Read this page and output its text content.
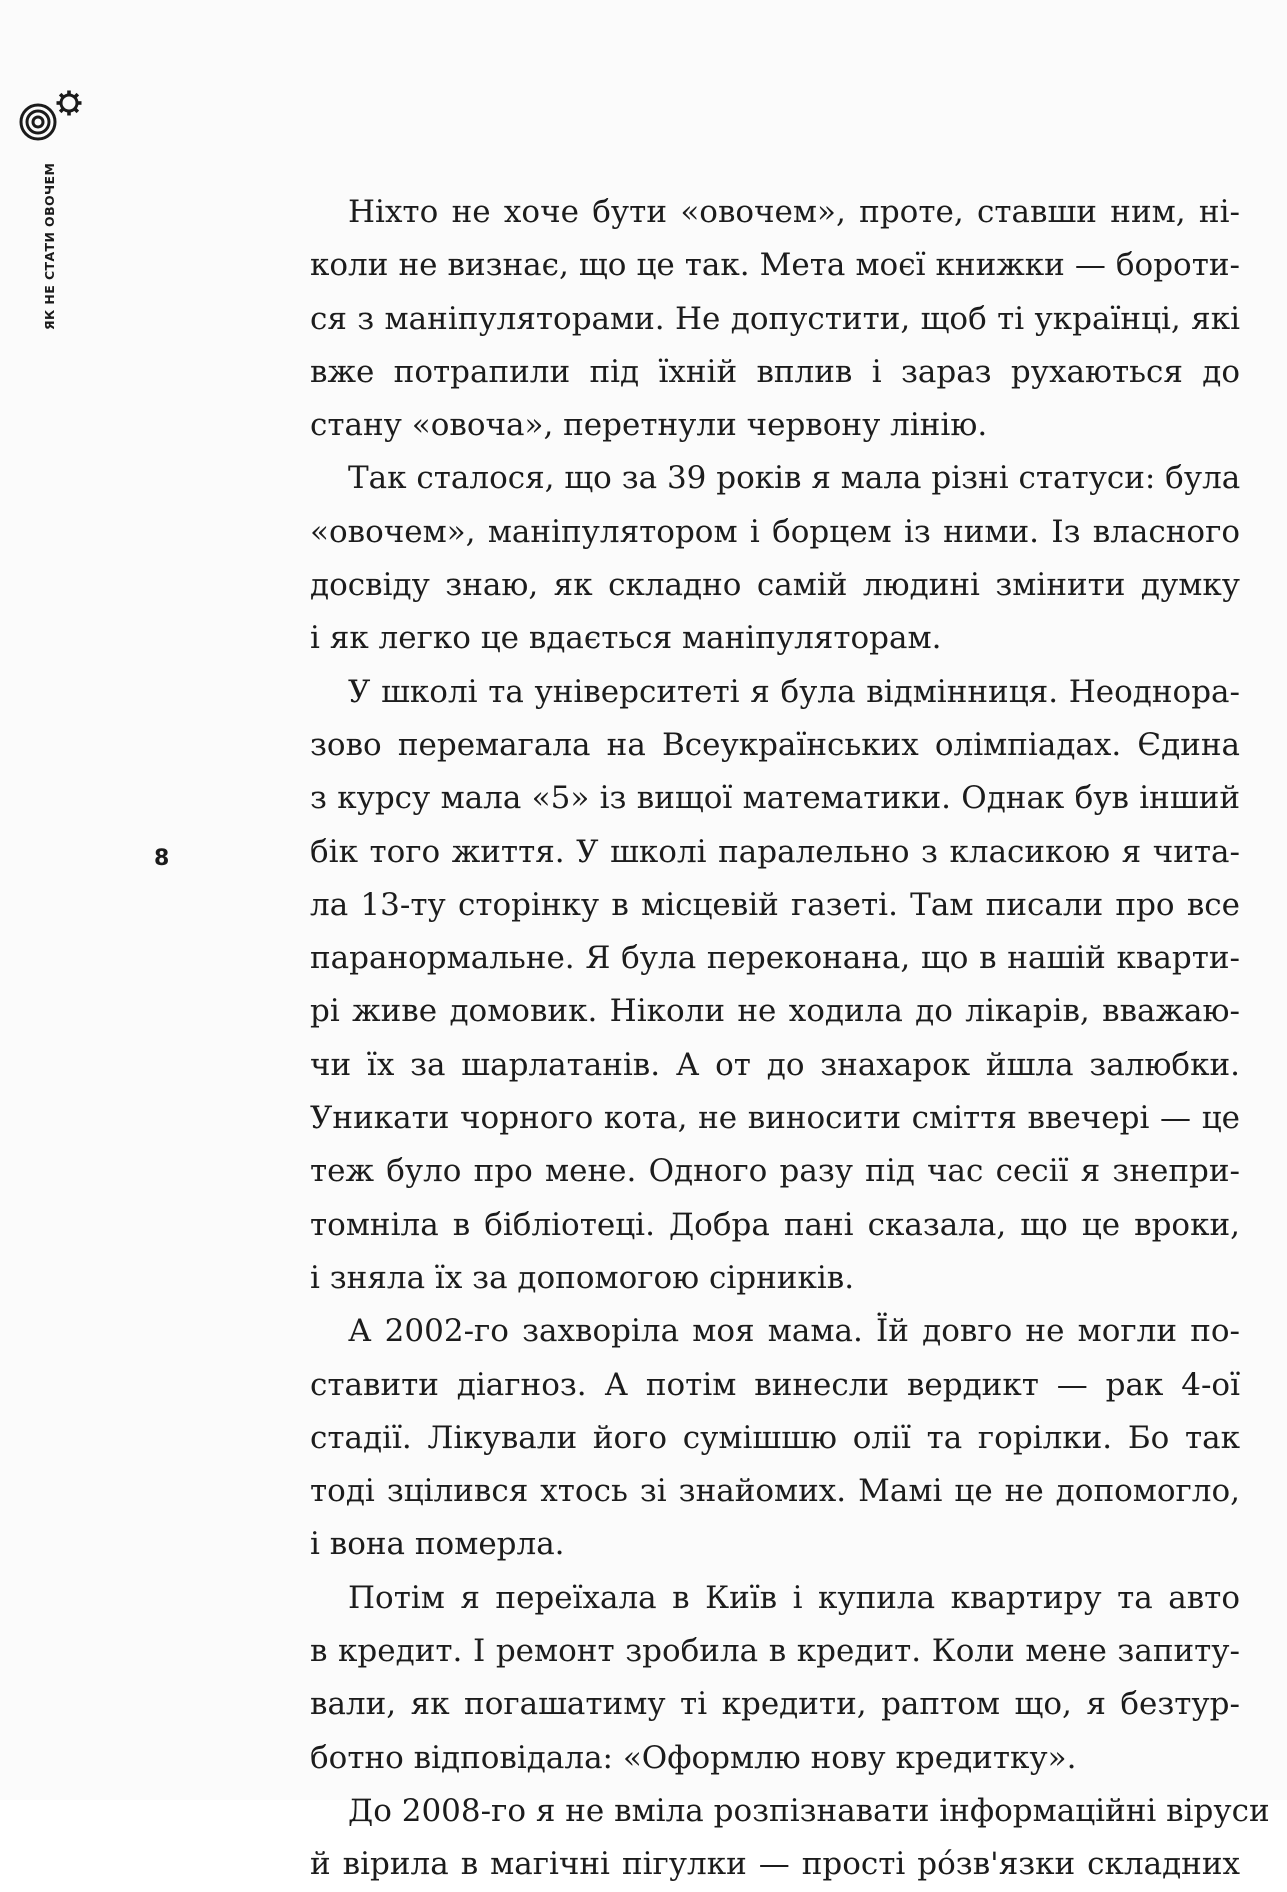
ЯК НЕ СТАТИ ОВОЧЕМ
8

Ніхто не хоче бути «овочем», проте, ставши ним, ні-
коли не визнає, що це так. Мета моєї книжки — бороти-
ся з маніпуляторами. Не допустити, щоб ті українці, які
вже потрапили під їхній вплив і зараз рухаються до
стану «овоча», перетнули червону лінію.

Так сталося, що за 39 років я мала різні статуси: була
«овочем», маніпулятором і борцем із ними. Із власного
досвіду знаю, як складно самій людині змінити думку
і як легко це вдається маніпуляторам.

У школі та університеті я була відмінниця. Неоднора-
зово перемагала на Всеукраїнських олімпіадах. Єдина
з курсу мала «5» із вищої математики. Однак був інший
бік того життя. У школі паралельно з класикою я чита-
ла 13-ту сторінку в місцевій газеті. Там писали про все
паранормальне. Я була переконана, що в нашій кварти-
рі живе домовик. Ніколи не ходила до лікарів, вважаю-
чи їх за шарлатанів. А от до знахарок йшла залюбки.
Уникати чорного кота, не виносити сміття ввечері — це
теж було про мене. Одного разу під час сесії я знепри-
томніла в бібліотеці. Добра пані сказала, що це вроки,
і зняла їх за допомогою сірників.

А 2002-го захворіла моя мама. Їй довго не могли по-
ставити діагноз. А потім винесли вердикт — рак 4-ої
стадії. Лікували його сумішшю олії та горілки. Бо так
тоді зцілився хтось зі знайомих. Мамі це не допомогло,
і вона померла.

Потім я переїхала в Київ і купила квартиру та авто
в кредит. І ремонт зробила в кредит. Коли мене запиту-
вали, як погашатиму ті кредити, раптом що, я безтур-
ботно відповідала: «Оформлю нову кредитку».

До 2008-го я не вміла розпізнавати інформаційні віруси
й вірила в магічні пігулки — прості ро́зв'язки складних
